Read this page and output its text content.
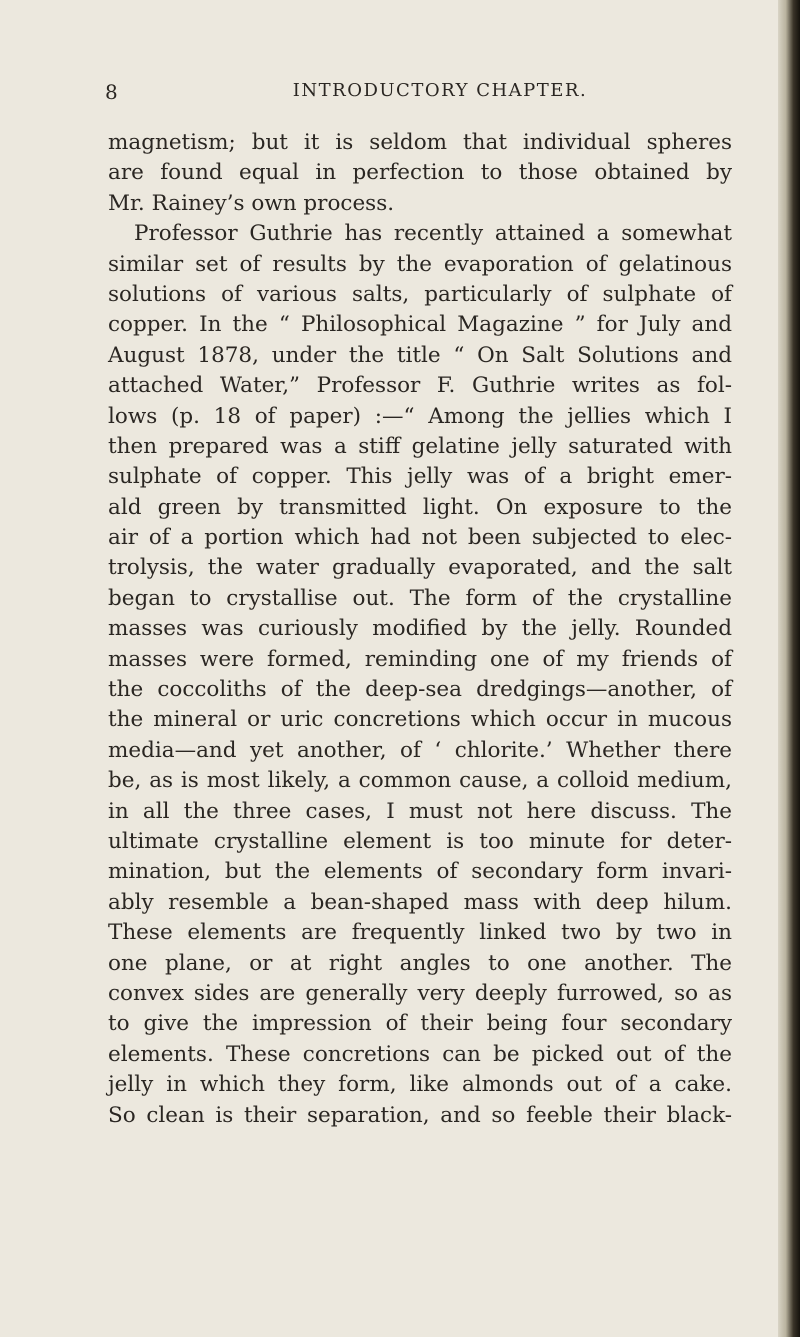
8	INTRODUCTORY CHAPTER.
magnetism; but it is seldom that individual spheres
are found equal in perfection to those obtained by
Mr. Rainey’s own process.
Professor Guthrie has recently attained a somewhat
similar set of results by the evaporation of gelatinous
solutions of various salts, particularly of sulphate of
copper. In the “ Philosophical Magazine ” for July and
August 1878, under the title “ On Salt Solutions and
attached Water,” Professor F. Guthrie writes as fol-
lows (p. 18 of paper) :—“ Among the jellies which I
then prepared was a stiff gelatine jelly saturated with
sulphate of copper. This jelly was of a bright emer-
ald green by transmitted light. On exposure to the
air of a portion which had not been subjected to elec-
trolysis, the water gradually evaporated, and the salt
began to crystallise out. The form of the crystalline
masses was curiously modified by the jelly. Rounded
masses were formed, reminding one of my friends of
the coccoliths of the deep-sea dredgings—another, of
the mineral or uric concretions which occur in mucous
media—and yet another, of ‘ chlorite.’ Whether there
be, as is most likely, a common cause, a colloid medium,
in all the three cases, I must not here discuss. The
ultimate crystalline element is too minute for deter-
mination, but the elements of secondary form invari-
ably resemble a bean-shaped mass with deep hilum.
These elements are frequently linked two by two in
one plane, or at right angles to one another. The
convex sides are generally very deeply furrowed, so as
to give the impression of their being four secondary
elements. These concretions can be picked out of the
jelly in which they form, like almonds out of a cake.
So clean is their separation, and so feeble their black-
